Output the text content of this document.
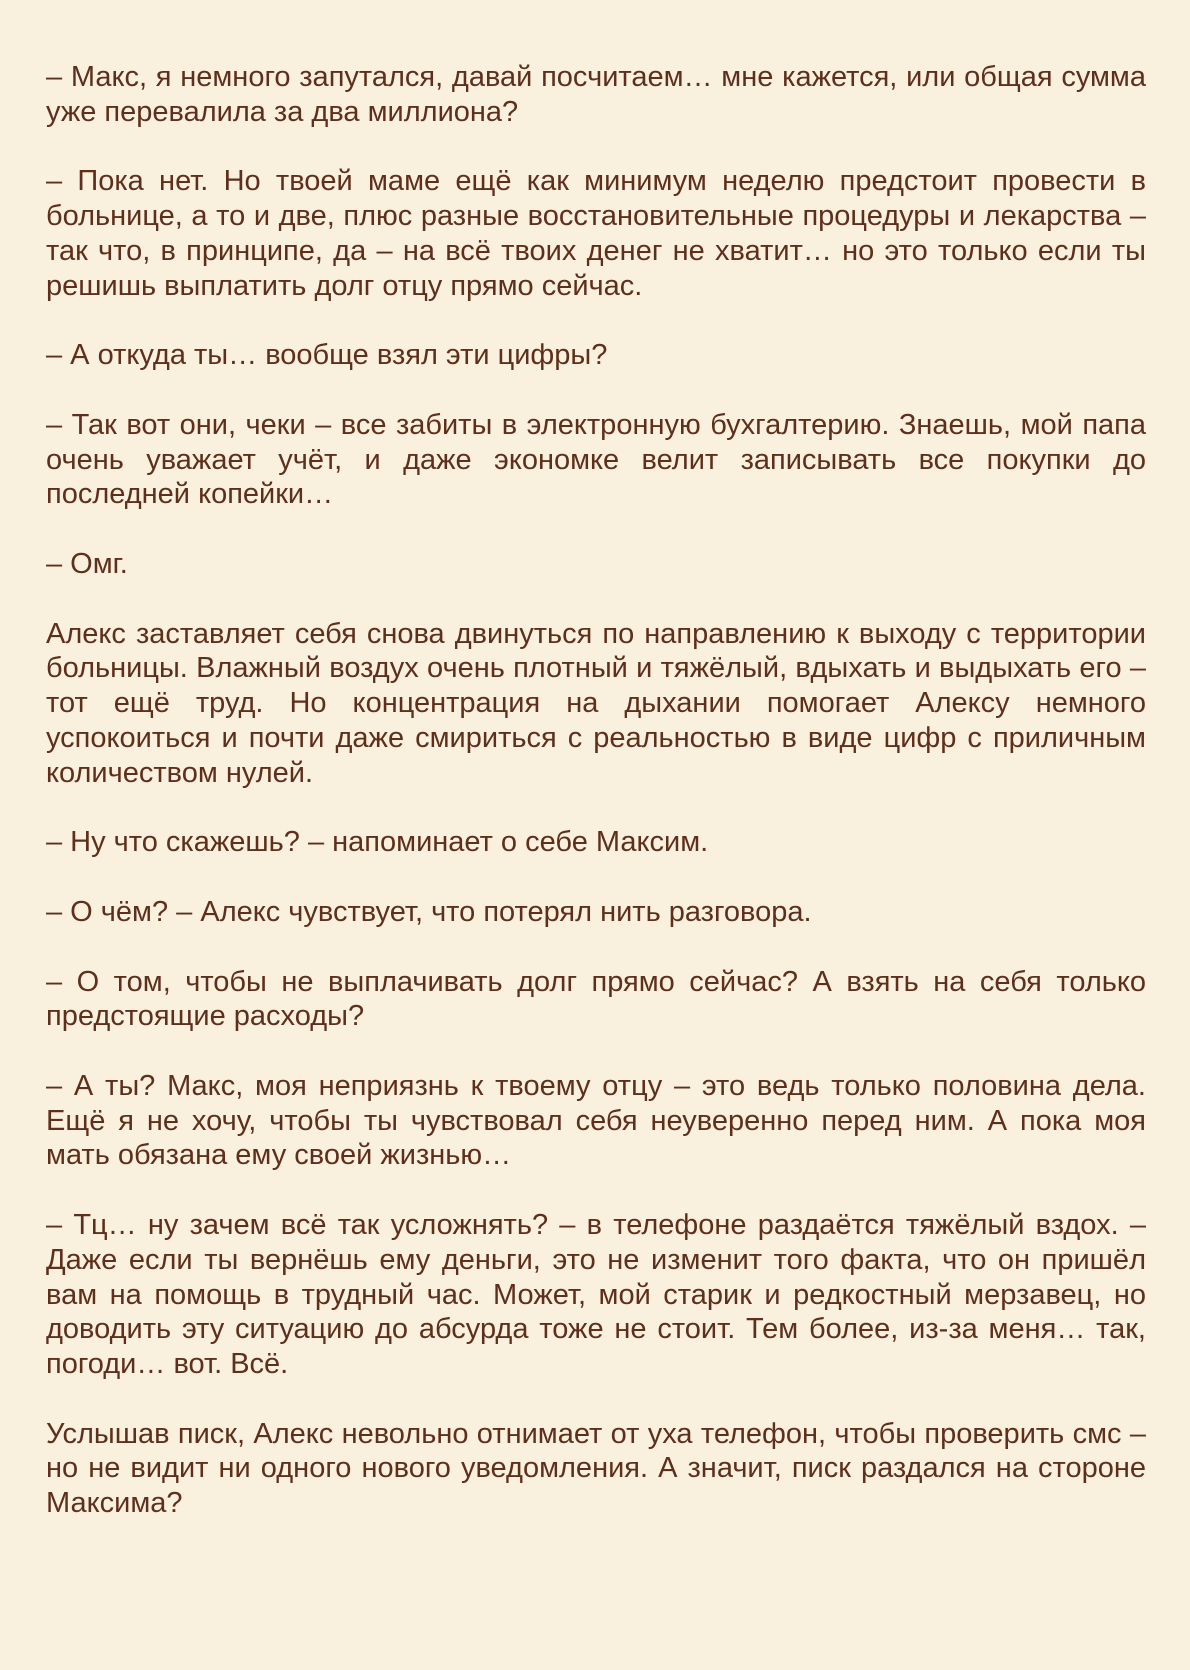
– Макс, я немного запутался, давай посчитаем… мне кажется, или общая сумма уже перевалила за два миллиона?

– Пока нет. Но твоей маме ещё как минимум неделю предстоит провести в больнице, а то и две, плюс разные восстановительные процедуры и лекарства – так что, в принципе, да – на всё твоих денег не хватит… но это только если ты решишь выплатить долг отцу прямо сейчас.

– А откуда ты… вообще взял эти цифры?

– Так вот они, чеки – все забиты в электронную бухгалтерию. Знаешь, мой папа очень уважает учёт, и даже экономке велит записывать все покупки до последней копейки…

– Омг.

Алекс заставляет себя снова двинуться по направлению к выходу с территории больницы. Влажный воздух очень плотный и тяжёлый, вдыхать и выдыхать его – тот ещё труд. Но концентрация на дыхании помогает Алексу немного успокоиться и почти даже смириться с реальностью в виде цифр с приличным количеством нулей.

– Ну что скажешь? – напоминает о себе Максим.

– О чём? – Алекс чувствует, что потерял нить разговора.

– О том, чтобы не выплачивать долг прямо сейчас? А взять на себя только предстоящие расходы?

– А ты? Макс, моя неприязнь к твоему отцу – это ведь только половина дела. Ещё я не хочу, чтобы ты чувствовал себя неуверенно перед ним. А пока моя мать обязана ему своей жизнью…

– Тц… ну зачем всё так усложнять? – в телефоне раздаётся тяжёлый вздох. – Даже если ты вернёшь ему деньги, это не изменит того факта, что он пришёл вам на помощь в трудный час. Может, мой старик и редкостный мерзавец, но доводить эту ситуацию до абсурда тоже не стоит. Тем более, из-за меня… так, погоди… вот. Всё.

Услышав писк, Алекс невольно отнимает от уха телефон, чтобы проверить смс – но не видит ни одного нового уведомления. А значит, писк раздался на стороне Максима?
